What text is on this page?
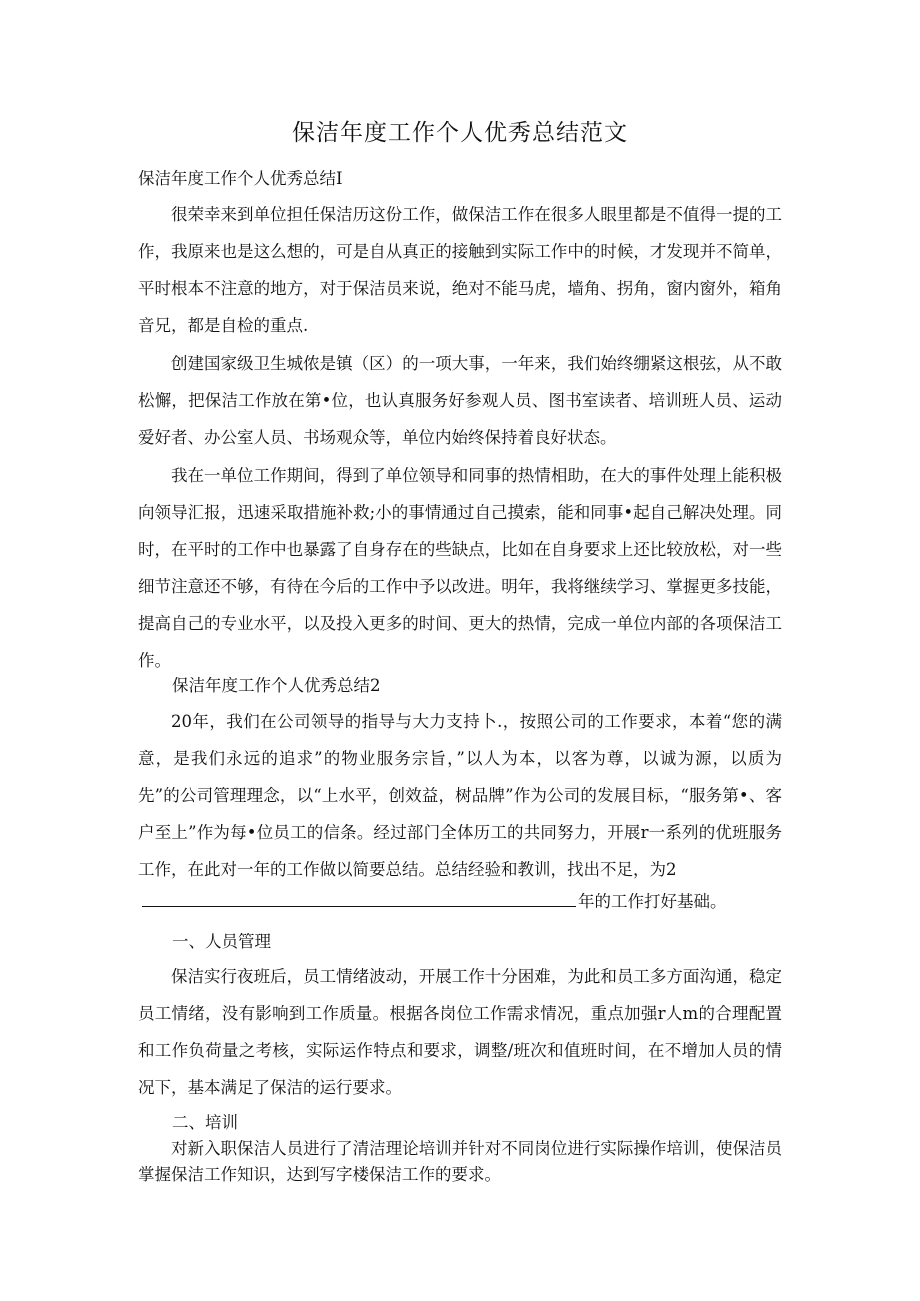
保洁年度工作个人优秀总结范文

保洁年度工作个人优秀总结I

很荣幸来到单位担任保洁历这份工作，做保洁工作在很多人眼里都是不值得一提的工作，我原来也是这么想的，可是自从真正的接触到实际工作中的时候，才发现并不简单，平时根本不注意的地方，对于保洁员来说，绝对不能马虎，墙角、拐角，窗内窗外，箱角音兄，都是自检的重点.

创建国家级卫生城侬是镇（区）的一项大事，一年来，我们始终绷紧这根弦，从不敢松懈，把保洁工作放在第•位，也认真服务好参观人员、图书室读者、培训班人员、运动爱好者、办公室人员、书场观众等，单位内始终保持着良好状态。

我在一单位工作期间，得到了单位领导和同事的热情相助，在大的事件处理上能积极向领导汇报，迅速采取措施补救;小的事情通过自己摸索，能和同事•起自己解决处理。同时，在平时的工作中也暴露了自身存在的些缺点，比如在自身要求上还比较放松，对一些细节注意还不够，有待在今后的工作中予以改进。明年，我将继续学习、掌握更多技能，提高自己的专业水平，以及投入更多的时间、更大的热情，完成一单位内部的各项保洁工作。

保洁年度工作个人优秀总结2

20年，我们在公司领导的指导与大力支持卜.，按照公司的工作要求，本着“您的满意，是我们永远的追求”的物业服务宗旨，”以人为本，以客为尊，以诚为源，以质为先”的公司管理理念，以“上水平，创效益，树品牌”作为公司的发展目标，“服务第•、客户至上”作为每•位员工的信条。经过部门全体历工的共同努力，开展r一系列的优班服务工作，在此对一年的工作做以简要总结。总结经验和教训，找出不足，为2

年的工作打好基础。

一、人员管理

保洁实行夜班后，员工情绪波动，开展工作十分困难，为此和员工多方面沟通，稳定员工情绪，没有影响到工作质量。根据各岗位工作需求情况，重点加强r人m的合理配置和工作负荷量之考核，实际运作特点和要求，调整/班次和值班时间，在不增加人员的情况下，基本满足了保洁的运行要求。

二、培训

对新入职保洁人员进行了清洁理论培训并针对不同岗位进行实际操作培训，使保洁员掌握保洁工作知识，达到写字楼保洁工作的要求。
